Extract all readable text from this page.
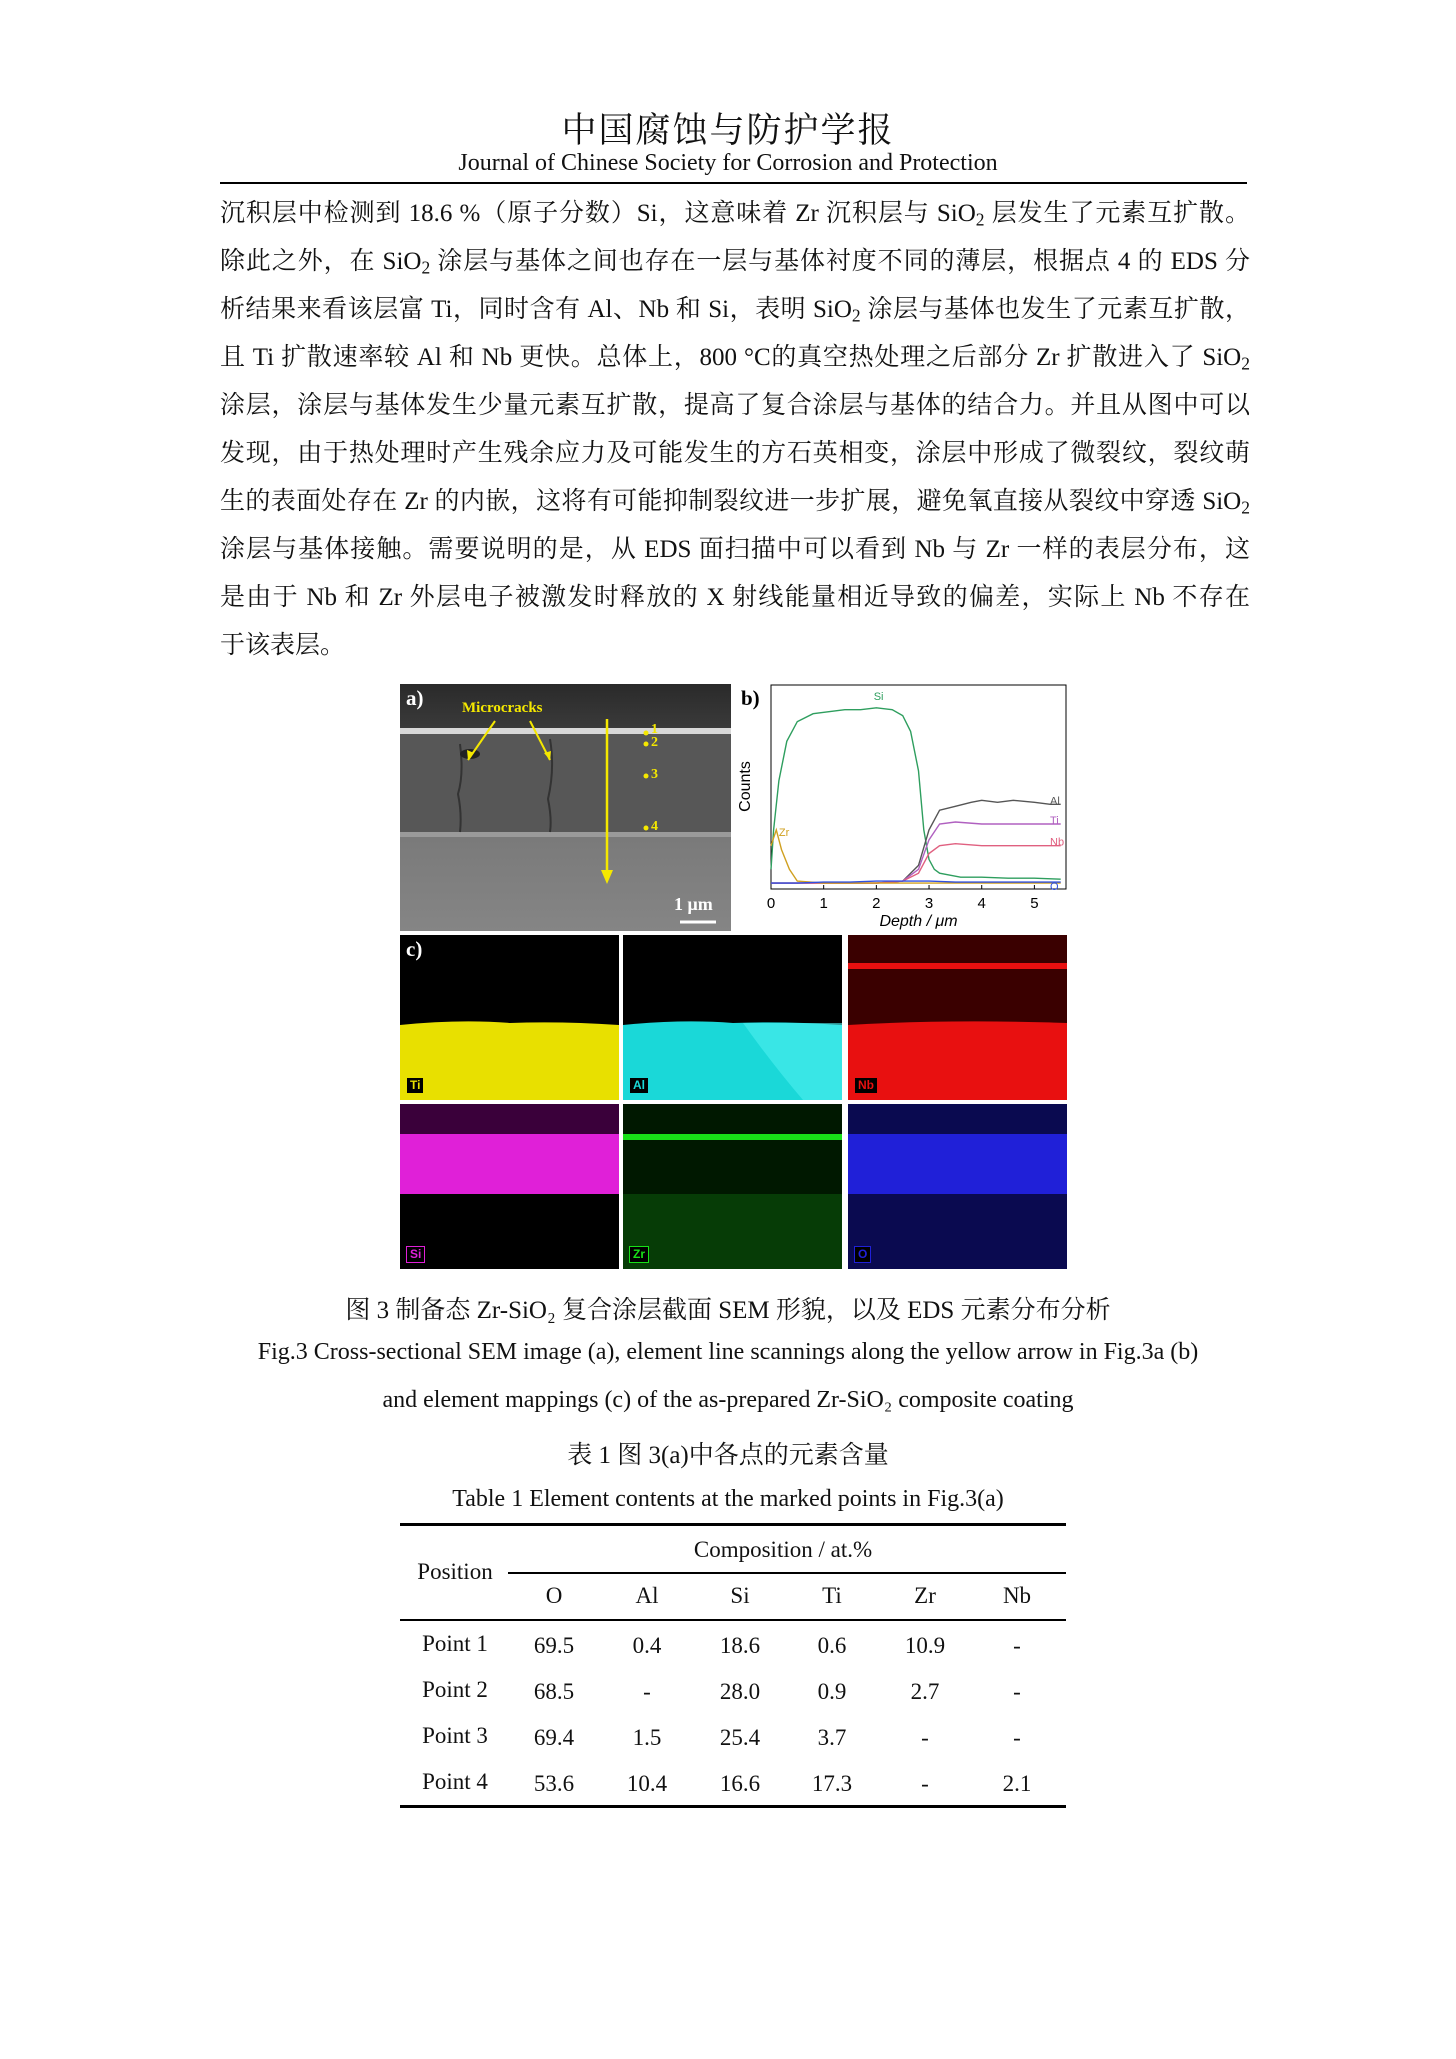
中国腐蚀与防护学报
Journal of Chinese Society for Corrosion and Protection
沉积层中检测到 18.6 %（原子分数）Si，这意味着 Zr 沉积层与 SiO$_2$ 层发生了元素互扩散。
除此之外，在 SiO$_2$ 涂层与基体之间也存在一层与基体衬度不同的薄层，根据点 4 的 EDS 分
析结果来看该层富 Ti，同时含有 Al、Nb 和 Si，表明 SiO$_2$ 涂层与基体也发生了元素互扩散，
且 Ti 扩散速率较 Al 和 Nb 更快。总体上，800 °C的真空热处理之后部分 Zr 扩散进入了 SiO$_2$
涂层，涂层与基体发生少量元素互扩散，提高了复合涂层与基体的结合力。并且从图中可以
发现，由于热处理时产生残余应力及可能发生的方石英相变，涂层中形成了微裂纹，裂纹萌
生的表面处存在 Zr 的内嵌，这将有可能抑制裂纹进一步扩展，避免氧直接从裂纹中穿透 SiO$_2$
涂层与基体接触。需要说明的是，从 EDS 面扫描中可以看到 Nb 与 Zr 一样的表层分布，这
是由于 Nb 和 Zr 外层电子被激发时释放的 X 射线能量相近导致的偏差，实际上 Nb 不存在
于该表层。
a)	Microcracks
1
2
3
4
1 μm
b)	Si
Al
Ti
Nb
Zr
O
0	1	2	3	4	5
Depth / μm
Counts
Ti
c)
Al	Nb
Si	Zr	O
图 3 制备态 Zr-SiO₂ 复合涂层截面 SEM 形貌，以及 EDS 元素分布分析
Fig.3 Cross-sectional SEM image (a), element line scannings along the yellow arrow in Fig.3a (b)
and element mappings (c) of the as-prepared Zr-SiO₂ composite coating
表 1 图 3(a)中各点的元素含量
Table 1 Element contents at the marked points in Fig.3(a)
Composition / at.%
Position
O	Al	Si	Ti	Zr	Nb
Point 1	69.5	0.4	18.6	0.6	10.9	-
Point 2	68.5	-	28.0	0.9	2.7	-
Point 3	69.4	1.5	25.4	3.7	-	-
Point 4	53.6	10.4	16.6	17.3	-	2.1
